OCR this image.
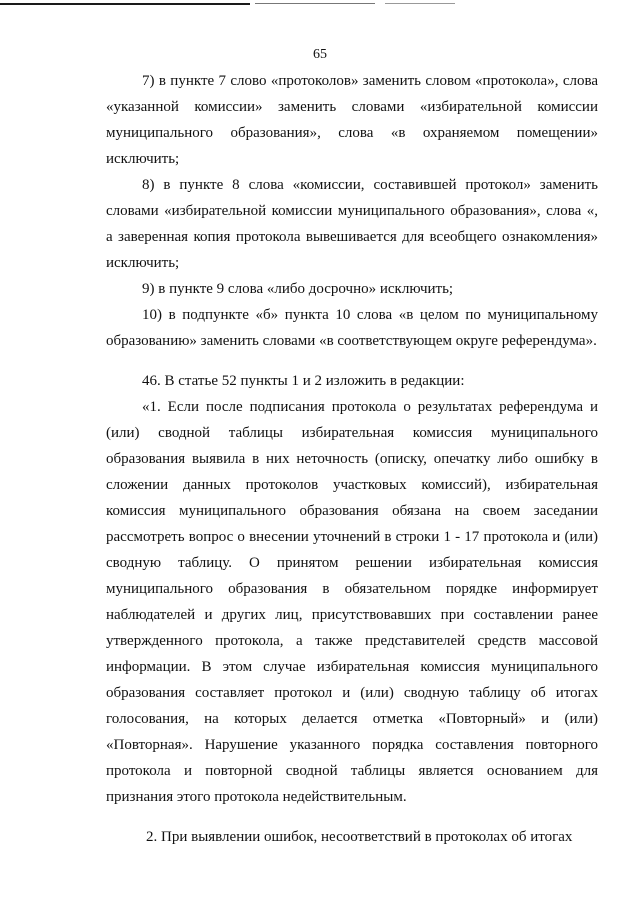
65

7) в пункте 7 слово «протоколов» заменить словом «протокола», слова «указанной комиссии» заменить словами «избирательной комиссии муниципального образования», слова «в охраняемом помещении» исключить;

8) в пункте 8 слова «комиссии, составившей протокол» заменить словами «избирательной комиссии муниципального образования», слова «, а заверенная копия протокола вывешивается для всеобщего ознакомления» исключить;

9) в пункте 9 слова «либо досрочно» исключить;

10) в подпункте «б» пункта 10 слова «в целом по муниципальному образованию» заменить словами «в соответствующем округе референдума».

46. В статье 52 пункты 1 и 2 изложить в редакции:

«1. Если после подписания протокола о результатах референдума и (или) сводной таблицы избирательная комиссия муниципального образования выявила в них неточность (описку, опечатку либо ошибку в сложении данных протоколов участковых комиссий), избирательная комиссия муниципального образования обязана на своем заседании рассмотреть вопрос о внесении уточнений в строки 1 - 17 протокола и (или) сводную таблицу. О принятом решении избирательная комиссия муниципального образования в обязательном порядке информирует наблюдателей и других лиц, присутствовавших при составлении ранее утвержденного протокола, а также представителей средств массовой информации. В этом случае избирательная комиссия муниципального образования составляет протокол и (или) сводную таблицу об итогах голосования, на которых делается отметка «Повторный» и (или) «Повторная». Нарушение указанного порядка составления повторного протокола и повторной сводной таблицы является основанием для признания этого протокола недействительным.

2. При выявлении ошибок, несоответствий в протоколах об итогах
